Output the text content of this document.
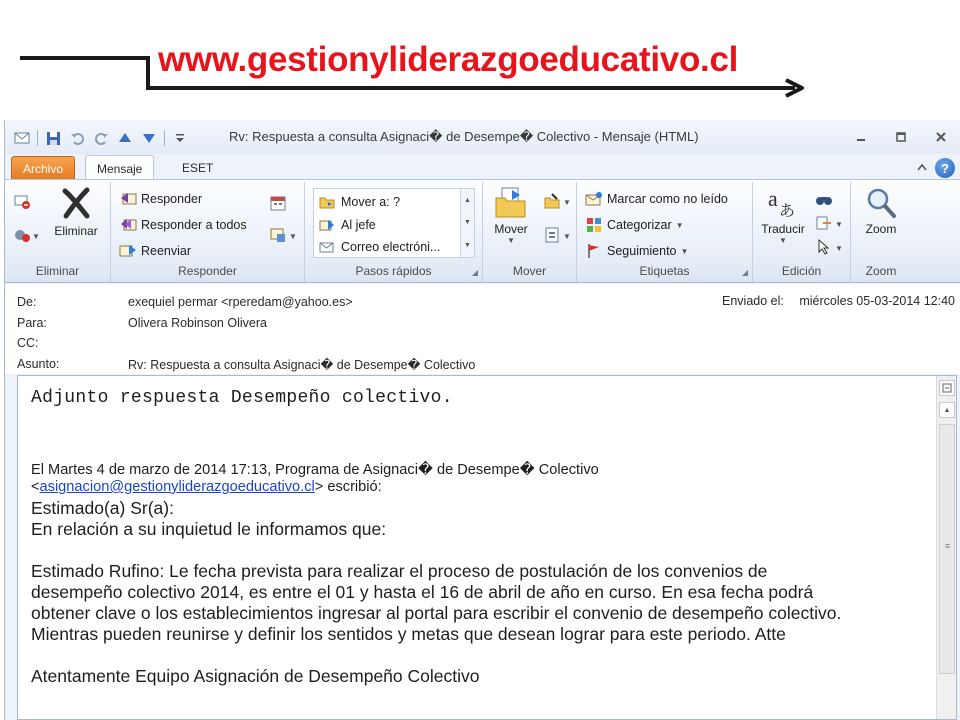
www.gestionyliderazgoeducativo.cl
Rv: Respuesta a consulta Asignaci� de Desempe� Colectivo - Mensaje (HTML)
Archivo	Mensaje	ESET	?
▼ Eliminar
Eliminar
Responder
Responder a todos
Reenviar
▼
Responder
Mover a: ?
Al jefe
Correo electróni...
▲
▼
▼
Pasos rápidos	◢
Mover
▼
▼
▼
Mover
Marcar como no leído
Categorizar ▼
Seguimiento ▼
Etiquetas	◢
a あ
Traducir
▼
▼
▼
Edición
Zoom
Zoom
De:	exequiel permar <rperedam@yahoo.es>
Para:	Olivera Robinson Olivera
CC:
Asunto:	Rv: Respuesta a consulta Asignaci� de Desempe� Colectivo
Enviado el: miércoles 05-03-2014 12:40
Adjunto respuesta Desempeño colectivo.
El Martes 4 de marzo de 2014 17:13, Programa de Asignaci� de Desempe� Colectivo
<asignacion@gestionyliderazgoeducativo.cl> escribió:
Estimado(a) Sr(a):
En relación a su inquietud le informamos que:
Estimado Rufino: Le fecha prevista para realizar el proceso de postulación de los convenios de
desempeño colectivo 2014, es entre el 01 y hasta el 16 de abril de año en curso. En esa fecha podrá
obtener clave o los establecimientos ingresar al portal para escribir el convenio de desempeño colectivo.
Mientras pueden reunirse y definir los sentidos y metas que desean lograr para este periodo. Atte
Atentamente Equipo Asignación de Desempeño Colectivo
▲
≡
